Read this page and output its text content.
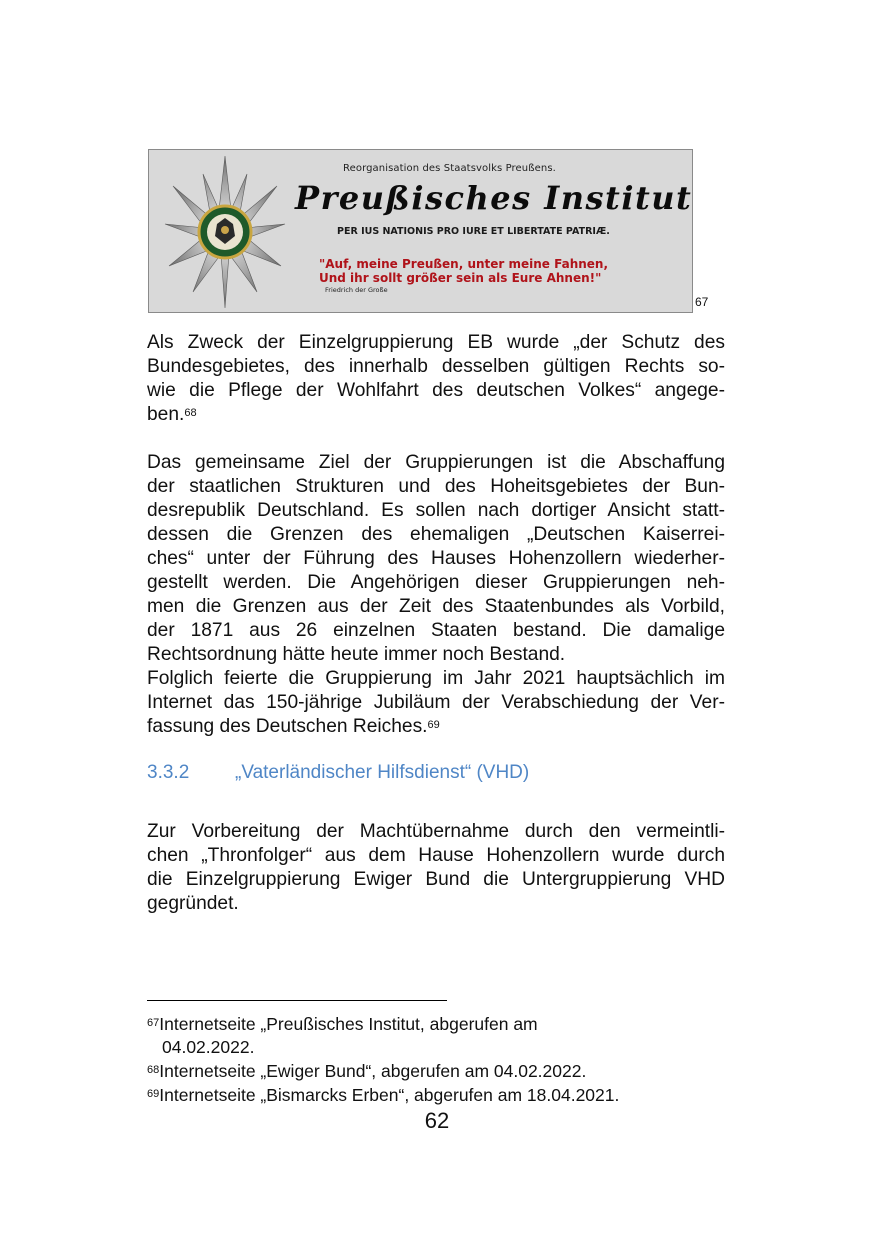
Reorganisation des Staatsvolks Preußens.
Preußisches Institut
PER IUS NATIONIS PRO IURE ET LIBERTATE PATRIÆ.
"Auf, meine Preußen, unter meine Fahnen,
Und ihr sollt größer sein als Eure Ahnen!"
Friedrich der Große
67

Als Zweck der Einzelgruppierung EB wurde „der Schutz des
Bundesgebietes, des innerhalb desselben gültigen Rechts so-
wie die Pflege der Wohlfahrt des deutschen Volkes“ angege-
ben.$^{68}$

Das gemeinsame Ziel der Gruppierungen ist die Abschaffung
der staatlichen Strukturen und des Hoheitsgebietes der Bun-
desrepublik Deutschland. Es sollen nach dortiger Ansicht statt-
dessen die Grenzen des ehemaligen „Deutschen Kaiserrei-
ches“ unter der Führung des Hauses Hohenzollern wiederher-
gestellt werden. Die Angehörigen dieser Gruppierungen neh-
men die Grenzen aus der Zeit des Staatenbundes als Vorbild,
der 1871 aus 26 einzelnen Staaten bestand. Die damalige
Rechtsordnung hätte heute immer noch Bestand.

Folglich feierte die Gruppierung im Jahr 2021 hauptsächlich im
Internet das 150-jährige Jubiläum der Verabschiedung der Ver-
fassung des Deutschen Reiches.$^{69}$

3.3.2 „Vaterländischer Hilfsdienst“ (VHD)

Zur Vorbereitung der Machtübernahme durch den vermeintli-
chen „Thronfolger“ aus dem Hause Hohenzollern wurde durch
die Einzelgruppierung Ewiger Bund die Untergruppierung VHD
gegründet.

$^{67}$Internetseite „Preußisches Institut, abgerufen am
04.02.2022.

$^{68}$Internetseite „Ewiger Bund“, abgerufen am 04.02.2022.

$^{69}$Internetseite „Bismarcks Erben“, abgerufen am 18.04.2021.

62
